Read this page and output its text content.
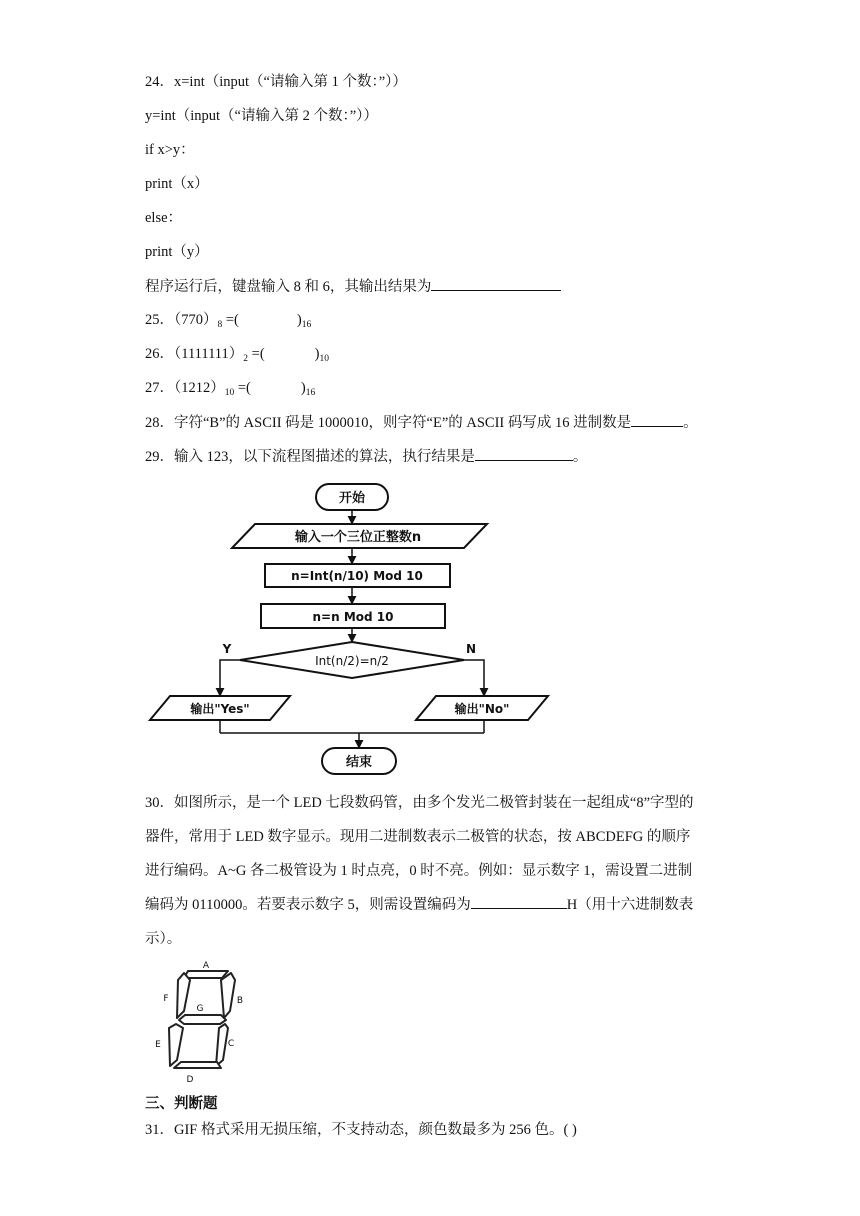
24．x=int（input（“请输入第 1 个数：”））
y=int（input（“请输入第 2 个数：”））
if x>y：
print（x）
else：
print（y）
程序运行后，键盘输入 8 和 6，其输出结果为
25．$(770)_8$ =(	)$_{16}$
26．$(1111111)_2$ =(	)$_{10}$
27．$(1212)_{10}$ =(	)$_{16}$
28．字符“B”的 ASCII 码是 1000010，则字符“E”的 ASCII 码写成 16 进制数是	。
29．输入 123，以下流程图描述的算法，执行结果是	。
开始
输入一个三位正整数n
n=Int(n/10) Mod 10
n=n Mod 10
Int(n/2)=n/2
Y	N
输出"Yes"	输出"No"
结束
30．如图所示，是一个 LED 七段数码管，由多个发光二极管封装在一起组成“8”字型的
器件，常用于 LED 数字显示。现用二进制数表示二极管的状态，按 ABCDEFG 的顺序
进行编码。A~G 各二极管设为 1 时点亮，0 时不亮。例如：显示数字 1，需设置二进制
编码为 0110000。若要表示数字 5，则需设置编码为	H（用十六进制数表
示）。
A
F	B
G
E	C
D
三、判断题
31．GIF 格式采用无损压缩，不支持动态，颜色数最多为 256 色。( )
